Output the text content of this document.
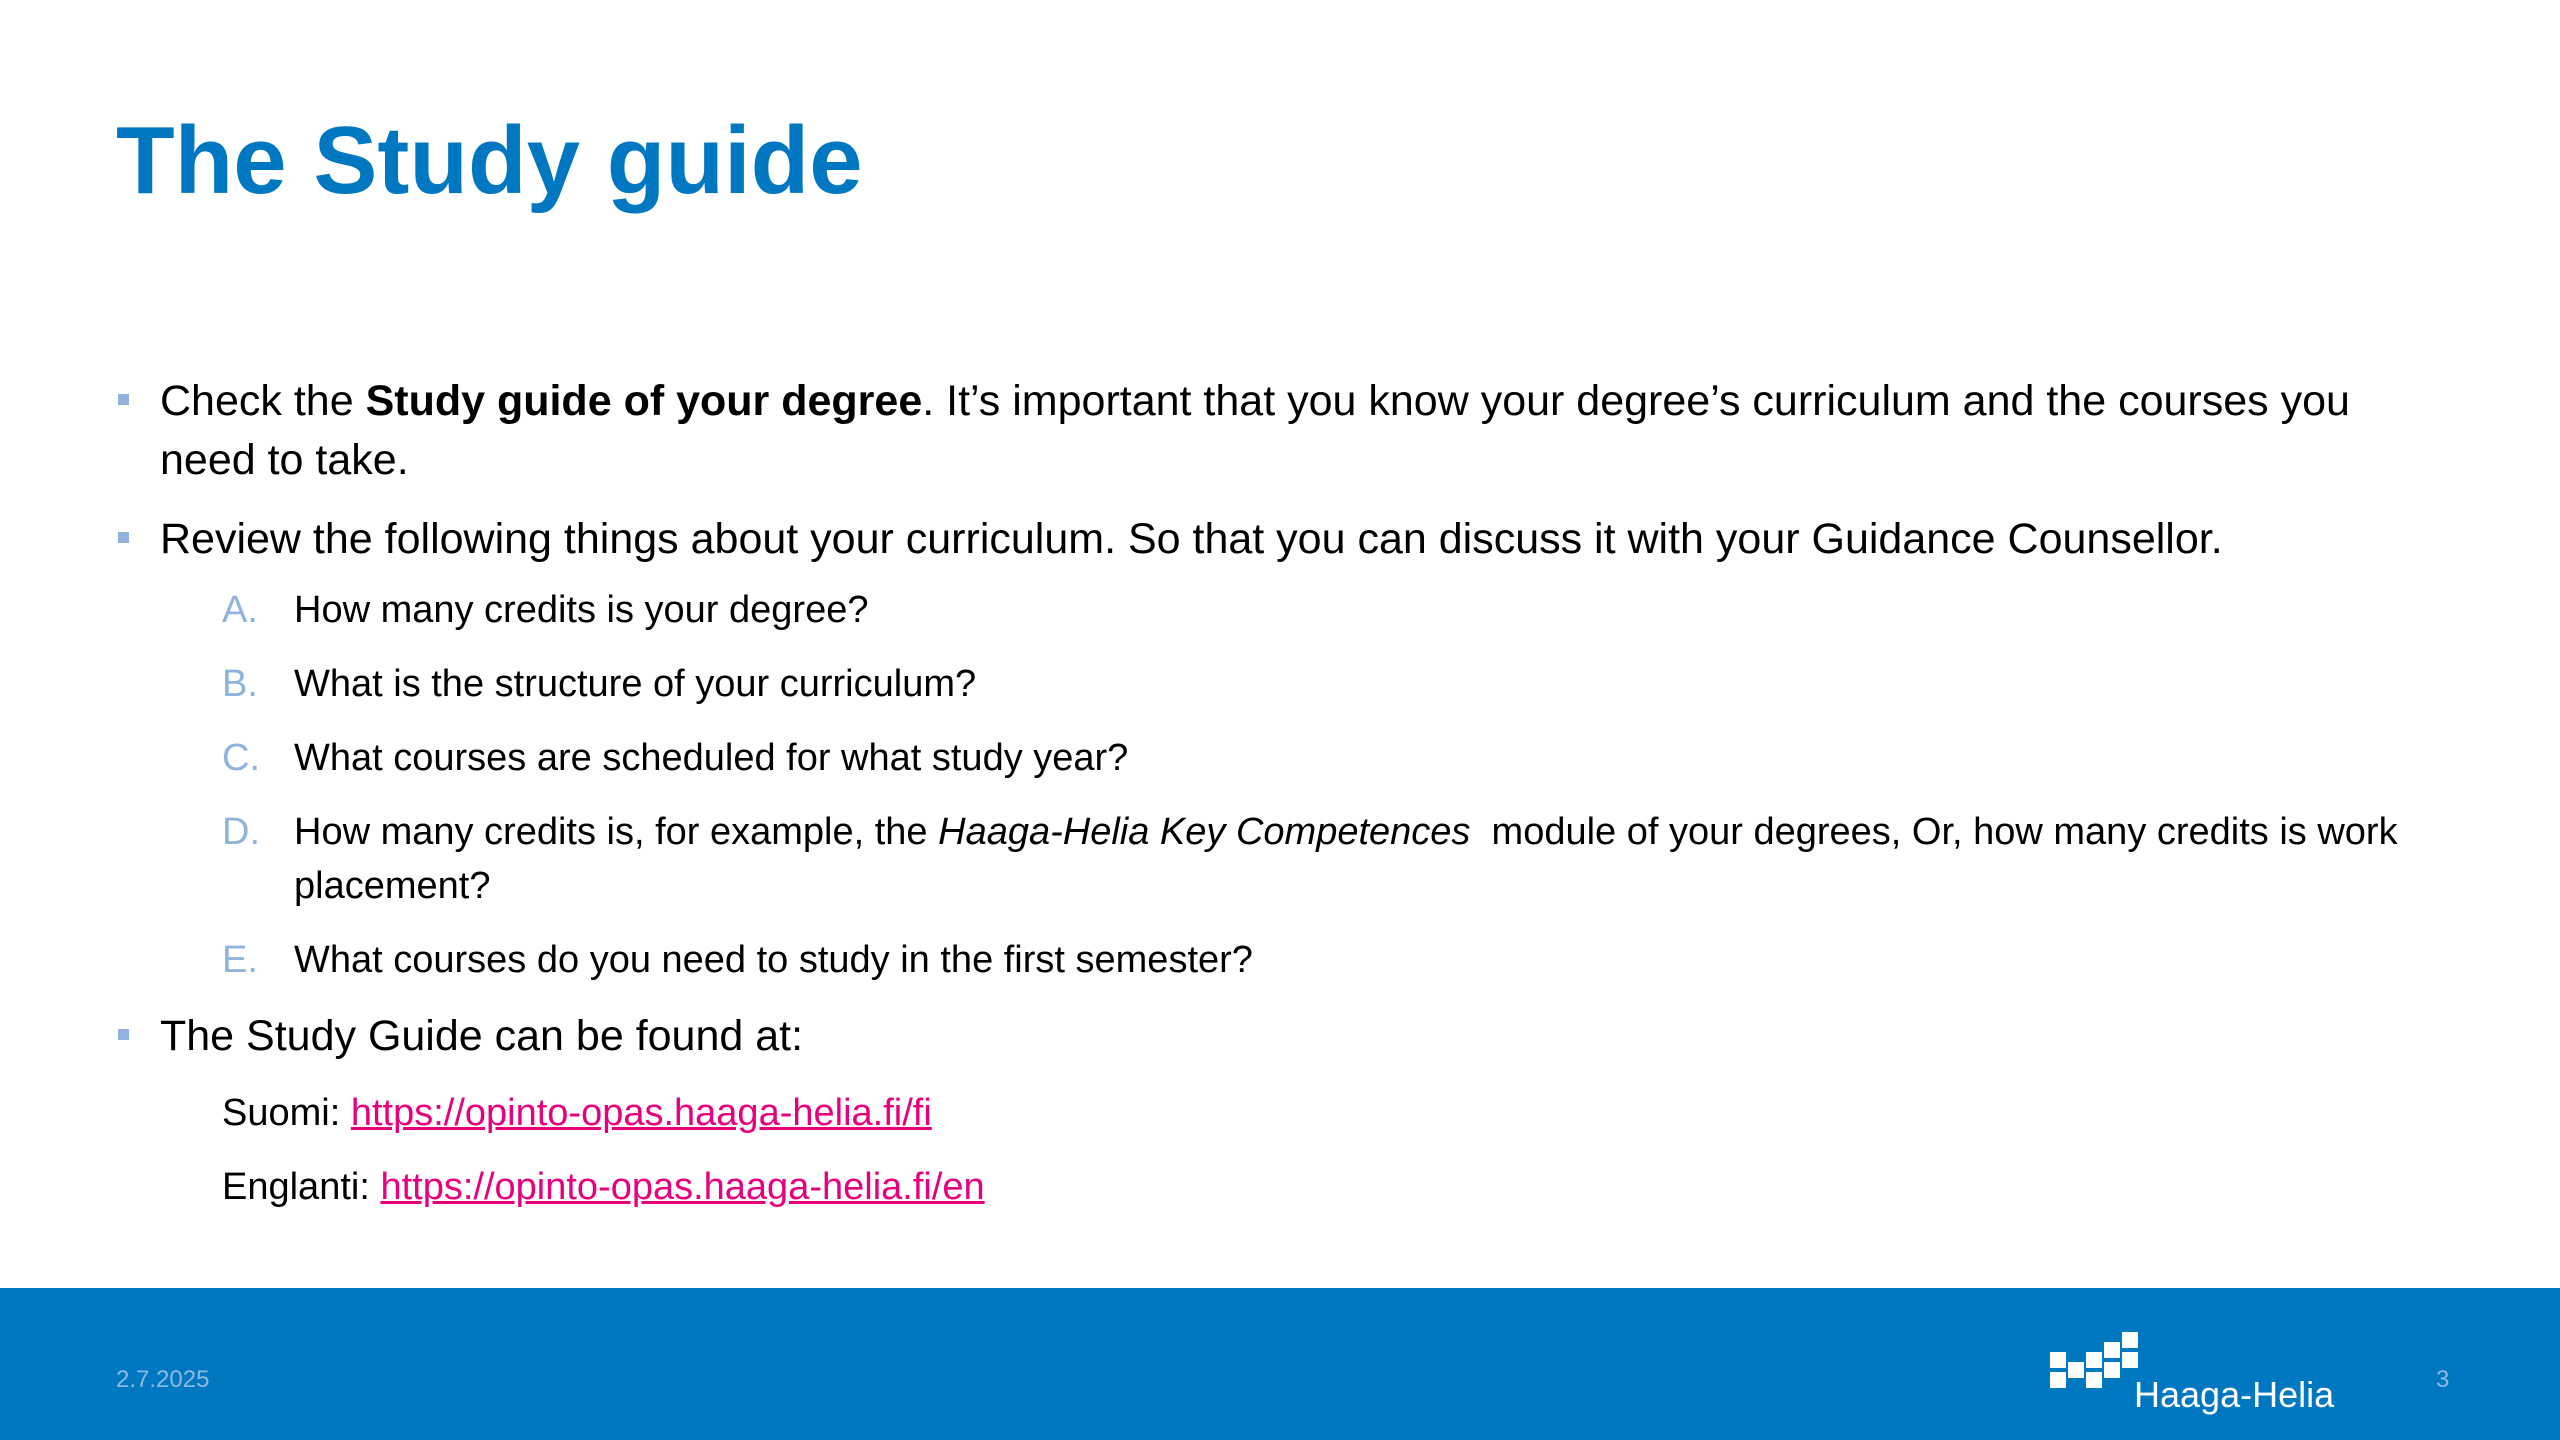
The Study guide
Check the Study guide of your degree. It’s important that you know your degree’s curriculum and the courses you need to take.
Review the following things about your curriculum. So that you can discuss it with your Guidance Counsellor.
A. How many credits is your degree?
B. What is the structure of your curriculum?
C. What courses are scheduled for what study year?
D. How many credits is, for example, the Haaga-Helia Key Competences  module of your degrees, Or, how many credits is work placement?
E. What courses do you need to study in the first semester?
The Study Guide can be found at:
Suomi: https://opinto-opas.haaga-helia.fi/fi
Englanti: https://opinto-opas.haaga-helia.fi/en
2.7.2025	Haaga-Helia	3
